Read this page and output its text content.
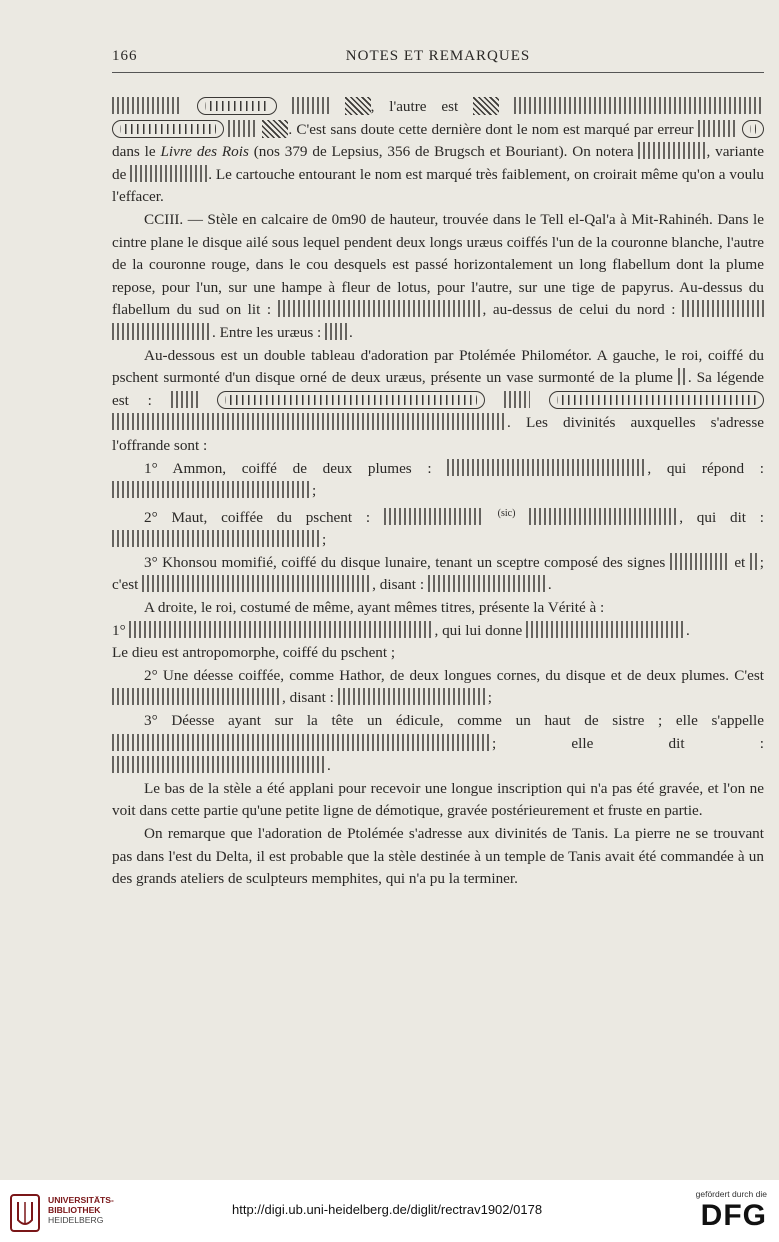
166	NOTES ET REMARQUES

, l'autre est     . C'est sans doute cette dernière dont le nom est marqué par erreur   dans le Livre des Rois (nos 379 de Lepsius, 356 de Brugsch et Bouriant). On notera	, variante de	. Le cartouche entourant le nom est marqué très faiblement, on croirait même qu'on a voulu l'effacer.

CCIII. — Stèle en calcaire de 0m90 de hauteur, trouvée dans le Tell el-Qal'a à Mit-Rahinéh. Dans le cintre plane le disque ailé sous lequel pendent deux longs uræus coiffés l'un de la couronne blanche, l'autre de la couronne rouge, dans le cou desquels est passé horizontalement un long flabellum dont la plume repose, pour l'un, sur une hampe à fleur de lotus, pour l'autre, sur une tige de papyrus. Au-dessus du flabellum du sud on lit :	, au-dessus de celui du nord :  . Entre les uræus : .

Au-dessous est un double tableau d'adoration par Ptolémée Philométor. A gauche, le roi, coiffé du pschent surmonté d'un disque orné de deux uræus, présente un vase surmonté de la plume . Sa légende est :     . Les divinités auxquelles s'adresse l'offrande sont :

1° Ammon, coiffé de deux plumes :	, qui répond : ;

2° Maut, coiffée du pschent :	$^{(sic)}$	, qui dit : ;

3° Khonsou momifié, coiffé du disque lunaire, tenant un sceptre composé des signes	et ; c'est	, disant :	.

A droite, le roi, costumé de même, ayant mêmes titres, présente la Vérité à :
1°	, qui lui donne	.
Le dieu est antropomorphe, coiffé du pschent ;

2° Une déesse coiffée, comme Hathor, de deux longues cornes, du disque et de deux plumes. C'est , disant :	;

3° Déesse ayant sur la tête un édicule, comme un haut de sistre ; elle s'appelle ; elle dit : .

Le bas de la stèle a été applani pour recevoir une longue inscription qui n'a pas été gravée, et l'on ne voit dans cette partie qu'une petite ligne de démotique, gravée postérieurement et fruste en partie.

On remarque que l'adoration de Ptolémée s'adresse aux divinités de Tanis. La pierre ne se trouvant pas dans l'est du Delta, il est probable que la stèle destinée à un temple de Tanis avait été commandée à un des grands ateliers de sculpteurs memphites, qui n'a pu la terminer.

UNIVERSITÄTS-
BIBLIOTHEK
HEIDELBERG
http://digi.ub.uni-heidelberg.de/diglit/rectrav1902/0178
gefördert durch die
DFG
